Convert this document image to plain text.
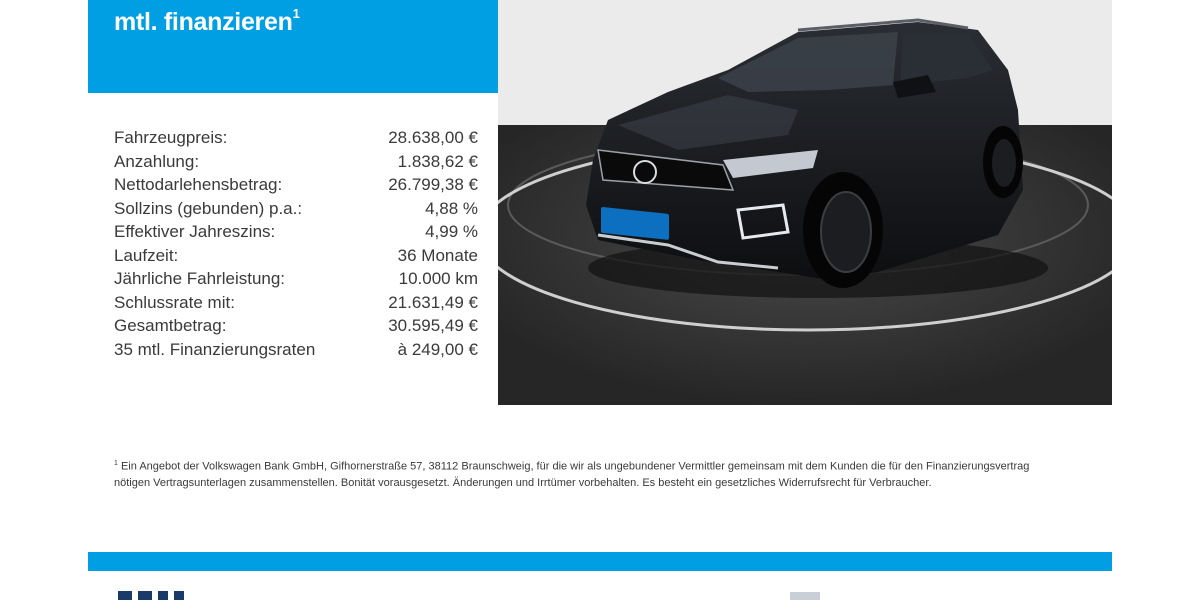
mtl. finanzieren$^1$
Fahrzeugpreis:	28.638,00 €
Anzahlung:	1.838,62 €
Nettodarlehensbetrag:	26.799,38 €
Sollzins (gebunden) p.a.:	4,88 %
Effektiver Jahreszins:	4,99 %
Laufzeit:	36 Monate
Jährliche Fahrleistung:	10.000 km
Schlussrate mit:	21.631,49 €
Gesamtbetrag:	30.595,49 €
35 mtl. Finanzierungsraten	à 249,00 €
$^1$ Ein Angebot der Volkswagen Bank GmbH, Gifhornerstraße 57, 38112 Braunschweig, für die wir als ungebundener Vermittler gemeinsam mit dem Kunden die für den Finanzierungsvertrag nötigen Vertragsunterlagen zusammenstellen. Bonität vorausgesetzt. Änderungen und Irrtümer vorbehalten. Es besteht ein gesetzliches Widerrufsrecht für Verbraucher.
